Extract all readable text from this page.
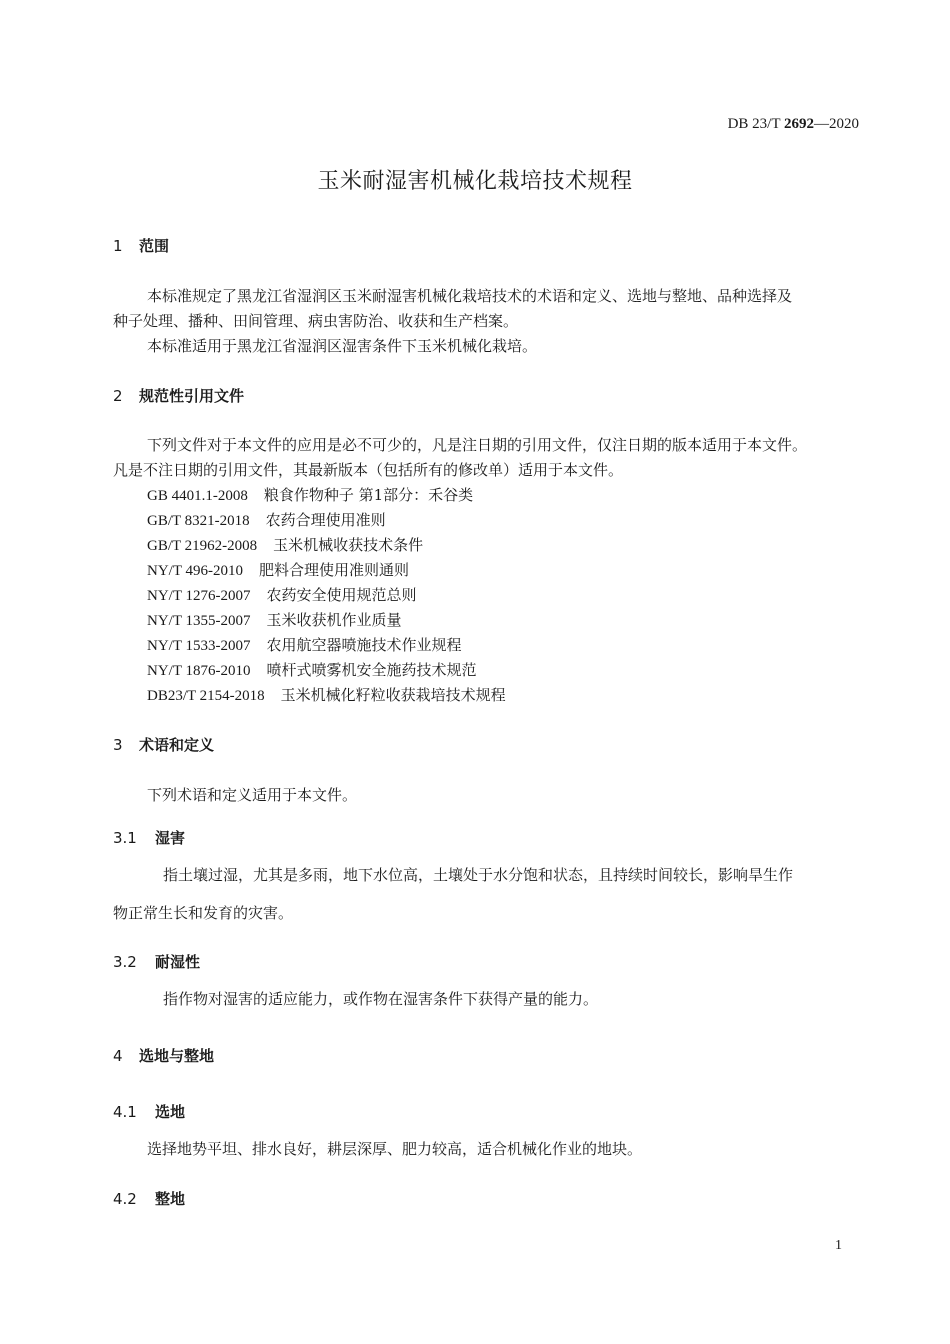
DB 23/T 2692—2020
玉米耐湿害机械化栽培技术规程
1 范围
本标准规定了黑龙江省湿润区玉米耐湿害机械化栽培技术的术语和定义、选地与整地、品种选择及
种子处理、播种、田间管理、病虫害防治、收获和生产档案。
本标准适用于黑龙江省湿润区湿害条件下玉米机械化栽培。
2 规范性引用文件
下列文件对于本文件的应用是必不可少的，凡是注日期的引用文件，仅注日期的版本适用于本文件。
凡是不注日期的引用文件，其最新版本（包括所有的修改单）适用于本文件。
GB 4401.1-2008 粮食作物种子 第1部分：禾谷类
GB/T 8321-2018 农药合理使用准则
GB/T 21962-2008 玉米机械收获技术条件
NY/T 496-2010 肥料合理使用准则通则
NY/T 1276-2007 农药安全使用规范总则
NY/T 1355-2007 玉米收获机作业质量
NY/T 1533-2007 农用航空器喷施技术作业规程
NY/T 1876-2010 喷杆式喷雾机安全施药技术规范
DB23/T 2154-2018 玉米机械化籽粒收获栽培技术规程
3 术语和定义
下列术语和定义适用于本文件。
3.1 湿害
指土壤过湿，尤其是多雨，地下水位高，土壤处于水分饱和状态，且持续时间较长，影响旱生作
物正常生长和发育的灾害。
3.2 耐湿性
指作物对湿害的适应能力，或作物在湿害条件下获得产量的能力。
4 选地与整地
4.1 选地
选择地势平坦、排水良好，耕层深厚、肥力较高，适合机械化作业的地块。
4.2 整地
1
